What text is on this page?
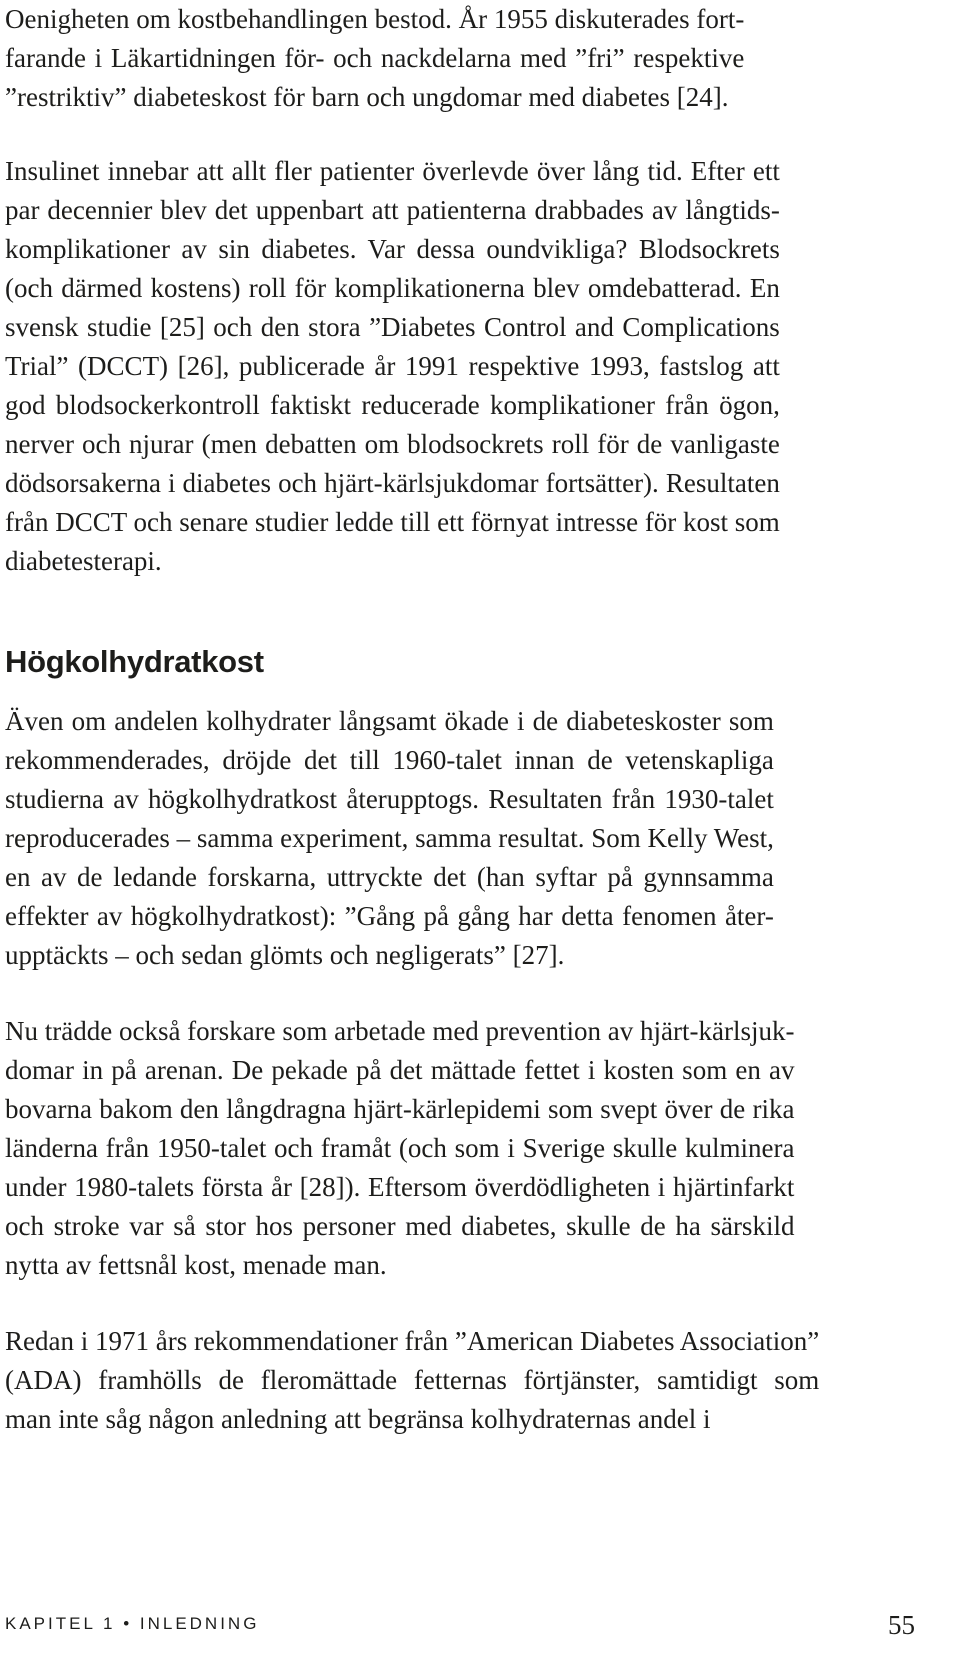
Oenigheten om kostbehandlingen bestod. År 1955 diskuterades fort-
farande i Läkartidningen för- och nackdelarna med ”fri” respektive
”restriktiv” diabeteskost för barn och ungdomar med diabetes [24].

Insulinet innebar att allt fler patienter överlevde över lång tid. Efter ett
par decennier blev det uppenbart att patienterna drabbades av långtids-
komplikationer av sin diabetes. Var dessa oundvikliga? Blodsockrets
(och därmed kostens) roll för komplikationerna blev omdebatterad. En
svensk studie [25] och den stora ”Diabetes Control and Complications
Trial” (DCCT) [26], publicerade år 1991 respektive 1993, fastslog att
god blodsockerkontroll faktiskt reducerade komplikationer från ögon,
nerver och njurar (men debatten om blodsockrets roll för de vanligaste
dödsorsakerna i diabetes och hjärt-kärlsjukdomar fortsätter). Resultaten
från DCCT och senare studier ledde till ett förnyat intresse för kost som
diabetesterapi.

Högkolhydratkost

Även om andelen kolhydrater långsamt ökade i de diabeteskoster som
rekommenderades, dröjde det till 1960-talet innan de vetenskapliga
studierna av högkolhydratkost återupptogs. Resultaten från 1930-talet
reproducerades – samma experiment, samma resultat. Som Kelly West,
en av de ledande forskarna, uttryckte det (han syftar på gynnsamma
effekter av högkolhydratkost): ”Gång på gång har detta fenomen åter-
upptäckts – och sedan glömts och negligerats” [27].

Nu trädde också forskare som arbetade med prevention av hjärt-kärlsjuk-
domar in på arenan. De pekade på det mättade fettet i kosten som en av
bovarna bakom den långdragna hjärt-kärlepidemi som svept över de rika
länderna från 1950-talet och framåt (och som i Sverige skulle kulminera
under 1980-talets första år [28]). Eftersom överdödligheten i hjärtinfarkt
och stroke var så stor hos personer med diabetes, skulle de ha särskild
nytta av fettsnål kost, menade man.

Redan i 1971 års rekommendationer från ”American Diabetes Association”
(ADA) framhölls de fleromättade fetternas förtjänster, samtidigt som
man inte såg någon anledning att begränsa kolhydraternas andel i

KAPITEL 1 • INLEDNING	55
